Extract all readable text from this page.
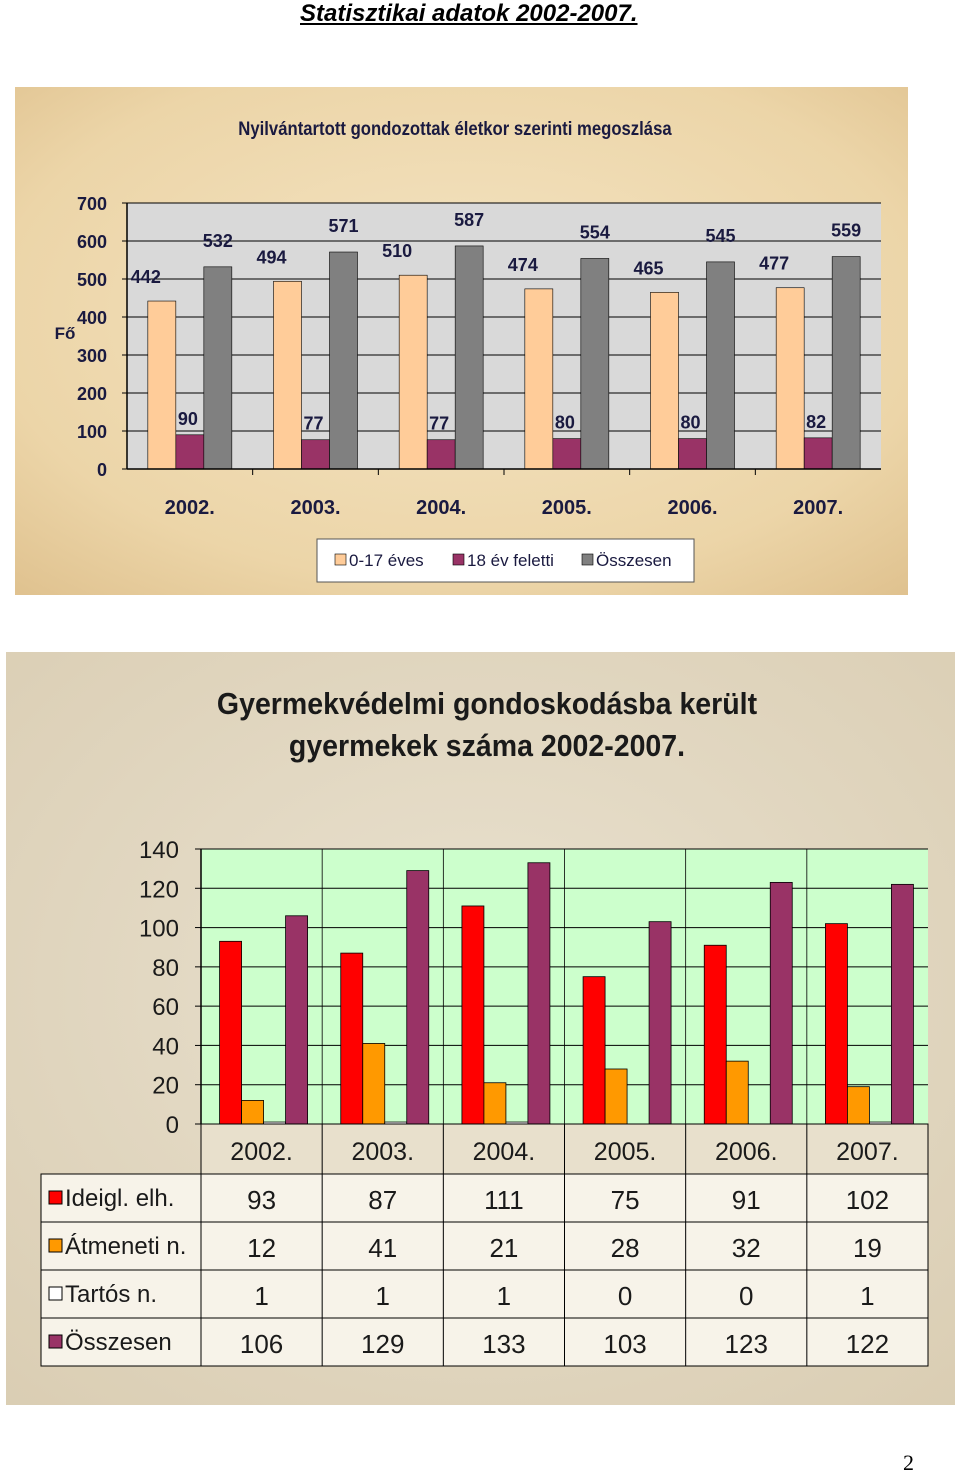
Statisztikai adatok 2002-2007.
442
90
532
494
77
571
510
77
587
474
80
554
465
80
545
477
82
559
0
100
200
300
400
500
600
700
2002.	2003.	2004.	2005.	2006.	2007.
Nyilvántartott gondozottak életkor szerinti megoszlása
Fő
0-17 éves	18 év feletti Összesen
0
20
40
60
80
100
120
140
2002. 2003. 2004. 2005. 2006. 2007.
Ideigl. elh.	93	87	111	75	91	102
Átmeneti n. 12	41	21	28	32	19
Tartós n.	1	1	1	0	0	1
Összesen	106	129	133	103	123	122
Gyermekvédelmi gondoskodásba került
gyermekek száma 2002-2007.
2
